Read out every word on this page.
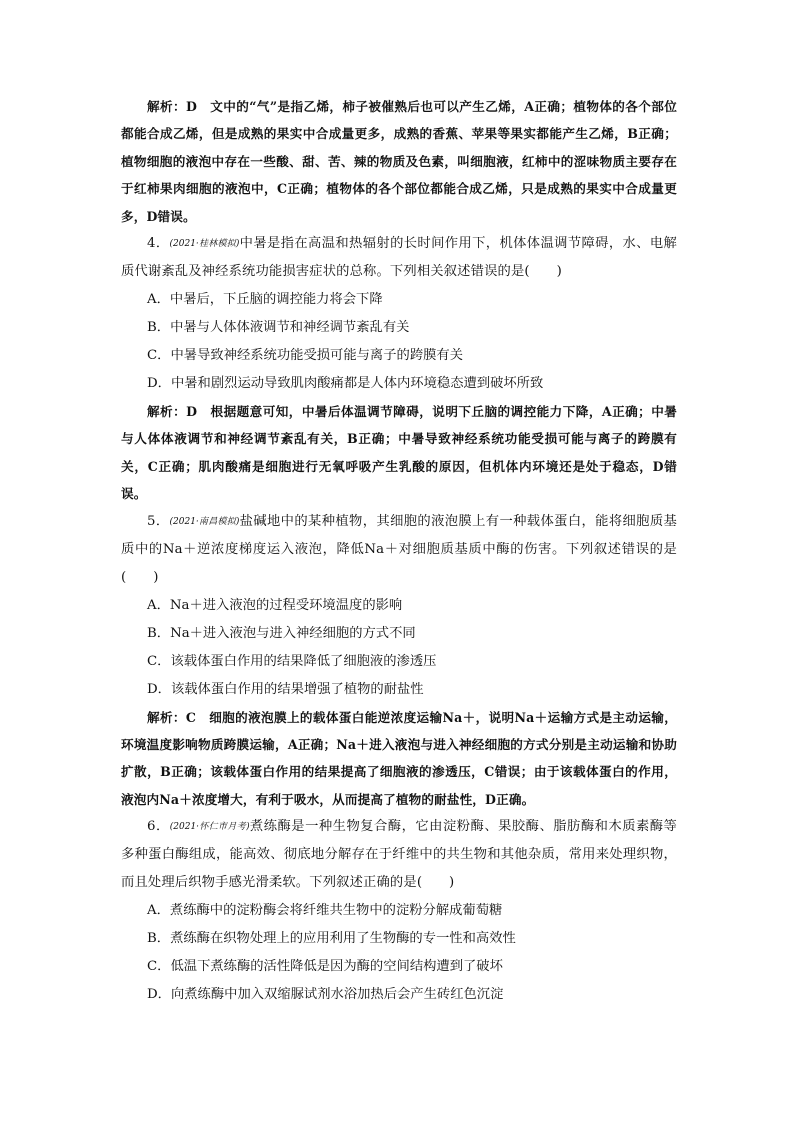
解析：D　文中的“气”是指乙烯，柿子被催熟后也可以产生乙烯，A正确；植物体的各个部位都能合成乙烯，但是成熟的果实中合成量更多，成熟的香蕉、苹果等果实都能产生乙烯，B正确；植物细胞的液泡中存在一些酸、甜、苦、辣的物质及色素，叫细胞液，红柿中的涩味物质主要存在于红柿果肉细胞的液泡中，C正确；植物体的各个部位都能合成乙烯，只是成熟的果实中合成量更多，D错误。

4．(2021·桂林模拟)中暑是指在高温和热辐射的长时间作用下，机体体温调节障碍，水、电解质代谢紊乱及神经系统功能损害症状的总称。下列相关叙述错误的是(　　)

A．中暑后，下丘脑的调控能力将会下降

B．中暑与人体体液调节和神经调节紊乱有关

C．中暑导致神经系统功能受损可能与离子的跨膜有关

D．中暑和剧烈运动导致肌肉酸痛都是人体内环境稳态遭到破坏所致

解析：D　根据题意可知，中暑后体温调节障碍，说明下丘脑的调控能力下降，A正确；中暑与人体体液调节和神经调节紊乱有关，B正确；中暑导致神经系统功能受损可能与离子的跨膜有关，C正确；肌肉酸痛是细胞进行无氧呼吸产生乳酸的原因，但机体内环境还是处于稳态，D错误。

5．(2021·南昌模拟)盐碱地中的某种植物，其细胞的液泡膜上有一种载体蛋白，能将细胞质基质中的Na＋逆浓度梯度运入液泡，降低Na＋对细胞质基质中酶的伤害。下列叙述错误的是(　　)

A．Na＋进入液泡的过程受环境温度的影响

B．Na＋进入液泡与进入神经细胞的方式不同

C．该载体蛋白作用的结果降低了细胞液的渗透压

D．该载体蛋白作用的结果增强了植物的耐盐性

解析：C　细胞的液泡膜上的载体蛋白能逆浓度运输Na＋，说明Na＋运输方式是主动运输，环境温度影响物质跨膜运输，A正确；Na＋进入液泡与进入神经细胞的方式分别是主动运输和协助扩散，B正确；该载体蛋白作用的结果提高了细胞液的渗透压，C错误；由于该载体蛋白的作用，液泡内Na＋浓度增大，有利于吸水，从而提高了植物的耐盐性，D正确。

6．(2021·怀仁市月考)煮练酶是一种生物复合酶，它由淀粉酶、果胶酶、脂肪酶和木质素酶等多种蛋白酶组成，能高效、彻底地分解存在于纤维中的共生物和其他杂质，常用来处理织物，而且处理后织物手感光滑柔软。下列叙述正确的是(　　)

A．煮练酶中的淀粉酶会将纤维共生物中的淀粉分解成葡萄糖

B．煮练酶在织物处理上的应用利用了生物酶的专一性和高效性

C．低温下煮练酶的活性降低是因为酶的空间结构遭到了破坏

D．向煮练酶中加入双缩脲试剂水浴加热后会产生砖红色沉淀
